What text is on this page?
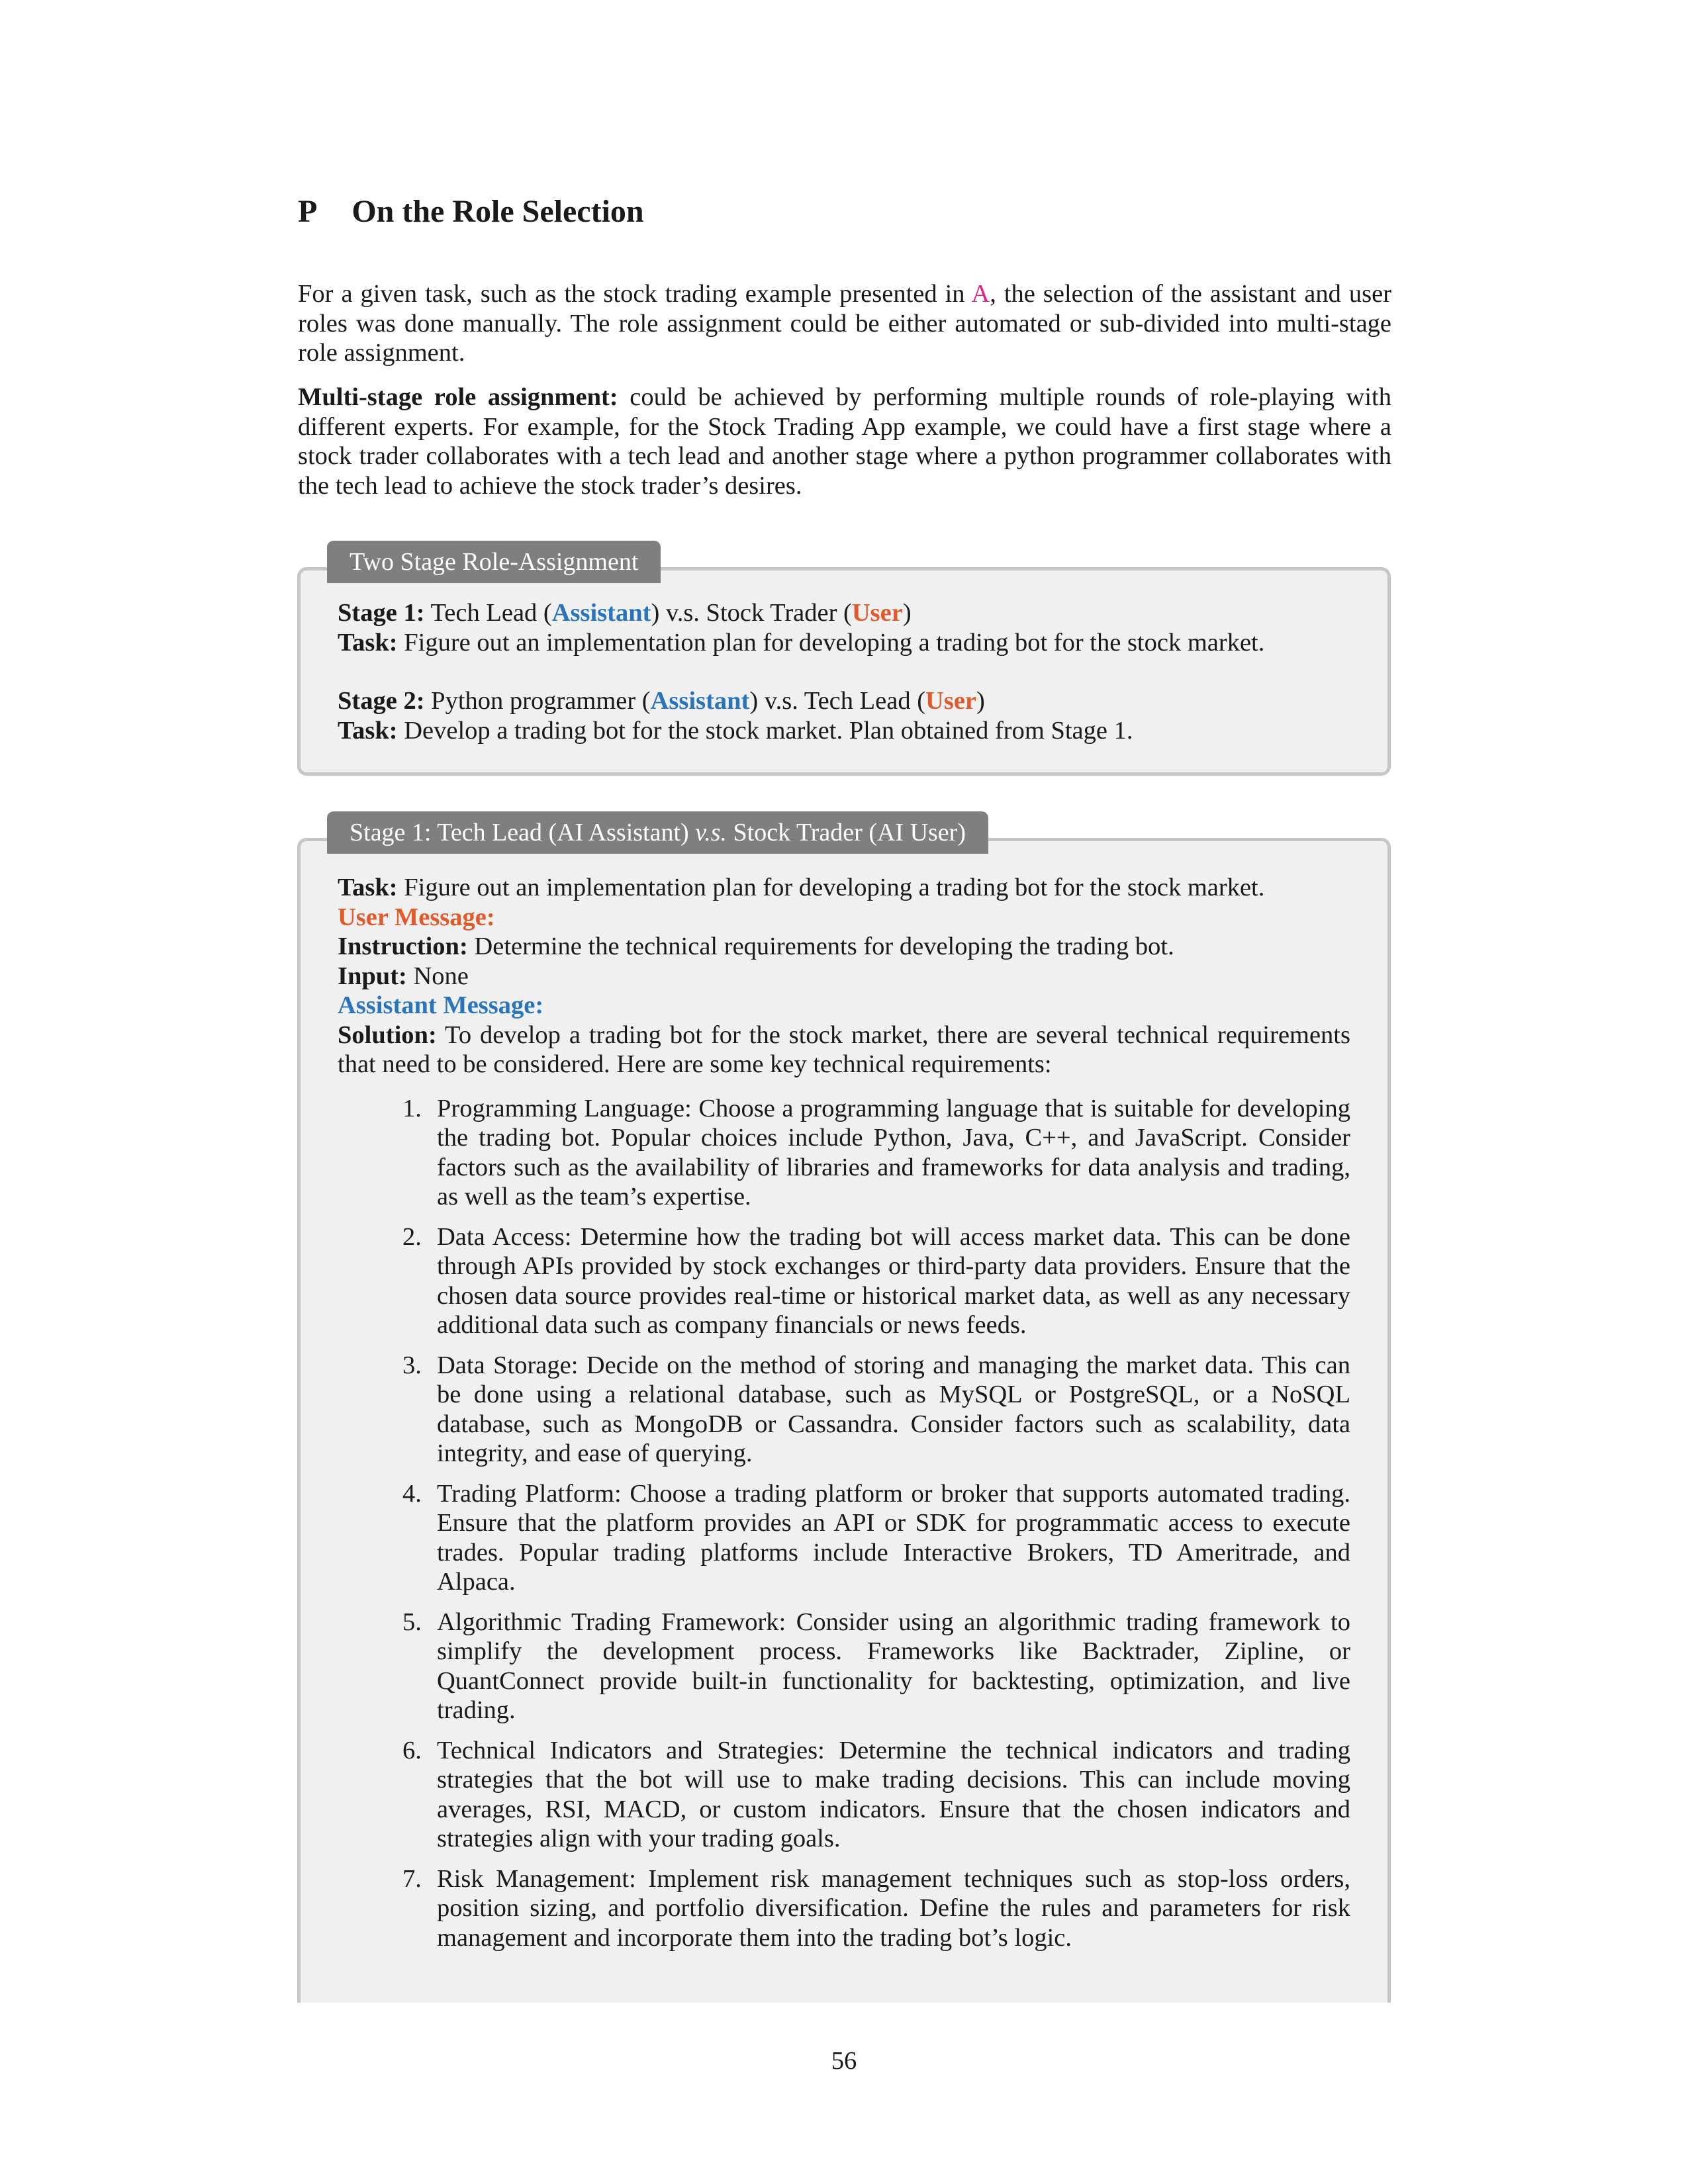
P On the Role Selection

For a given task, such as the stock trading example presented in A, the selection of the assistant and user roles was done manually. The role assignment could be either automated or sub-divided into multi-stage role assignment.

Multi-stage role assignment: could be achieved by performing multiple rounds of role-playing with different experts. For example, for the Stock Trading App example, we could have a first stage where a stock trader collaborates with a tech lead and another stage where a python programmer collaborates with the tech lead to achieve the stock trader’s desires.

Two Stage Role-Assignment

Stage 1: Tech Lead (Assistant) v.s. Stock Trader (User)

Task: Figure out an implementation plan for developing a trading bot for the stock market.

Stage 2: Python programmer (Assistant) v.s. Tech Lead (User)

Task: Develop a trading bot for the stock market. Plan obtained from Stage 1.

Stage 1: Tech Lead (AI Assistant) v.s. Stock Trader (AI User)

Task: Figure out an implementation plan for developing a trading bot for the stock market.

User Message:

Instruction: Determine the technical requirements for developing the trading bot.

Input: None

Assistant Message:

Solution: To develop a trading bot for the stock market, there are several technical requirements that need to be considered. Here are some key technical requirements:

1. Programming Language: Choose a programming language that is suitable for developing the trading bot. Popular choices include Python, Java, C++, and JavaScript. Consider factors such as the availability of libraries and frameworks for data analysis and trading, as well as the team’s expertise.
2. Data Access: Determine how the trading bot will access market data. This can be done through APIs provided by stock exchanges or third-party data providers. Ensure that the chosen data source provides real-time or historical market data, as well as any necessary additional data such as company financials or news feeds.
3. Data Storage: Decide on the method of storing and managing the market data. This can be done using a relational database, such as MySQL or PostgreSQL, or a NoSQL database, such as MongoDB or Cassandra. Consider factors such as scalability, data integrity, and ease of querying.
4. Trading Platform: Choose a trading platform or broker that supports automated trading. Ensure that the platform provides an API or SDK for programmatic access to execute trades. Popular trading platforms include Interactive Brokers, TD Ameritrade, and Alpaca.
5. Algorithmic Trading Framework: Consider using an algorithmic trading framework to simplify the development process. Frameworks like Backtrader, Zipline, or QuantConnect provide built-in functionality for backtesting, optimization, and live trading.
6. Technical Indicators and Strategies: Determine the technical indicators and trading strategies that the bot will use to make trading decisions. This can include moving averages, RSI, MACD, or custom indicators. Ensure that the chosen indicators and strategies align with your trading goals.
7. Risk Management: Implement risk management techniques such as stop-loss orders, position sizing, and portfolio diversification. Define the rules and parameters for risk management and incorporate them into the trading bot’s logic.
56
